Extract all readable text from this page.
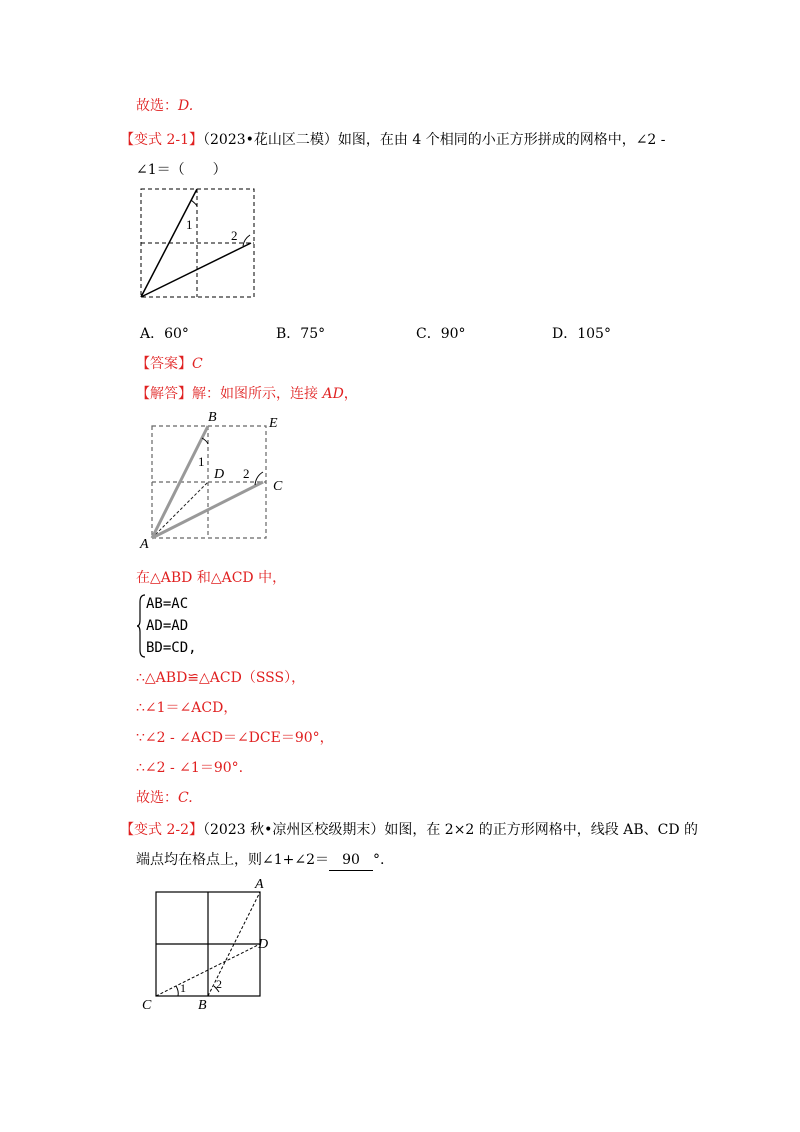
故选：D.
【变式 2-1】（2023•花山区二模）如图，在由 4 个相同的小正方形拼成的网格中，∠2 -
∠1＝（　　）
1
2
A．60°	B．75°	C．90°	D．105°
【答案】C
【解答】解：如图所示，连接 AD，
B	E
D
C
A
1
2
在△ABD 和△ACD 中，
AB=AC
AD=AD
BD=CD,
∴△ABD≌△ACD（SSS），
∴∠1＝∠ACD，
∵∠2 - ∠ACD＝∠DCE＝90°，
∴∠2 - ∠1＝90°.
故选：C.
【变式 2-2】（2023 秋•凉州区校级期末）如图，在 2×2 的正方形网格中，线段 AB、CD 的
端点均在格点上，则∠1+∠2＝ 90 °.
A
D
C	B
1	2
